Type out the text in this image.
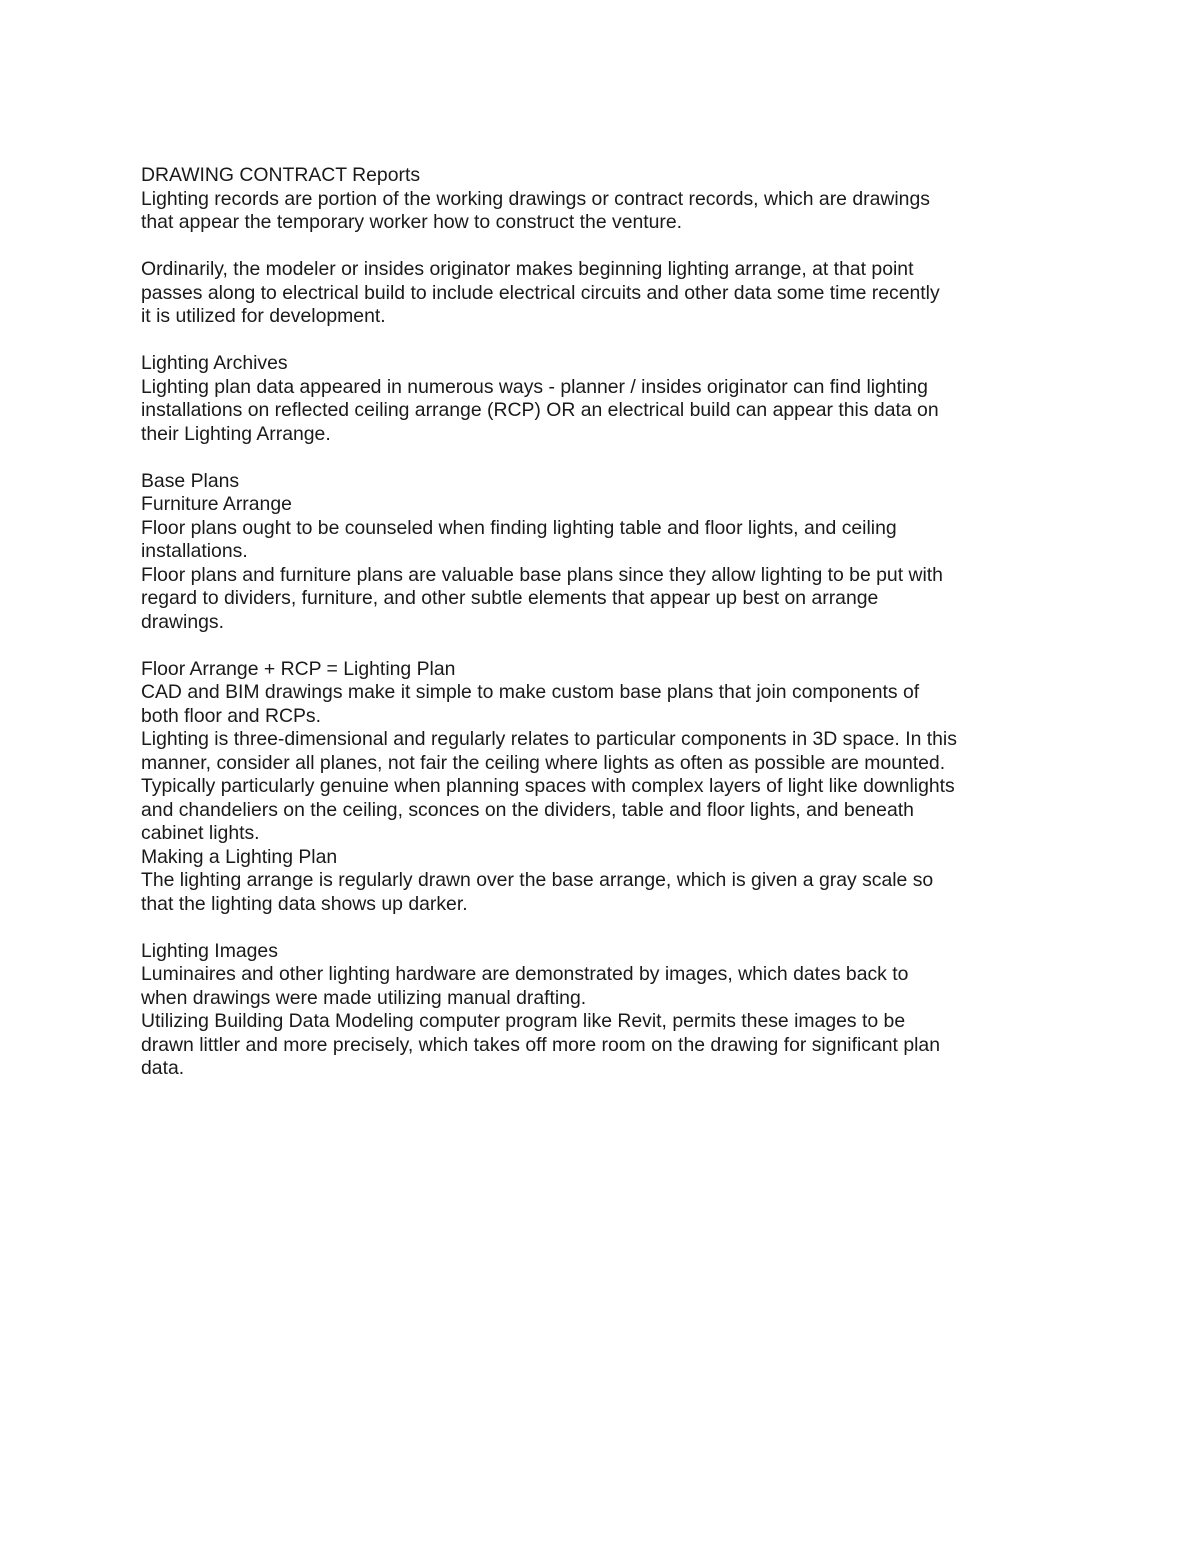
DRAWING CONTRACT Reports
Lighting records are portion of the working drawings or contract records, which are drawings
that appear the temporary worker how to construct the venture.
Ordinarily, the modeler or insides originator makes beginning lighting arrange, at that point
passes along to electrical build to include electrical circuits and other data some time recently
it is utilized for development.
Lighting Archives
Lighting plan data appeared in numerous ways - planner / insides originator can find lighting
installations on reflected ceiling arrange (RCP) OR an electrical build can appear this data on
their Lighting Arrange.
Base Plans
Furniture Arrange
Floor plans ought to be counseled when finding lighting table and floor lights, and ceiling
installations.
Floor plans and furniture plans are valuable base plans since they allow lighting to be put with
regard to dividers, furniture, and other subtle elements that appear up best on arrange
drawings.
Floor Arrange + RCP = Lighting Plan
CAD and BIM drawings make it simple to make custom base plans that join components of
both floor and RCPs.
Lighting is three-dimensional and regularly relates to particular components in 3D space. In this
manner, consider all planes, not fair the ceiling where lights as often as possible are mounted.
Typically particularly genuine when planning spaces with complex layers of light like downlights
and chandeliers on the ceiling, sconces on the dividers, table and floor lights, and beneath
cabinet lights.
Making a Lighting Plan
The lighting arrange is regularly drawn over the base arrange, which is given a gray scale so
that the lighting data shows up darker.
Lighting Images
Luminaires and other lighting hardware are demonstrated by images, which dates back to
when drawings were made utilizing manual drafting.
Utilizing Building Data Modeling computer program like Revit, permits these images to be
drawn littler and more precisely, which takes off more room on the drawing for significant plan
data.
